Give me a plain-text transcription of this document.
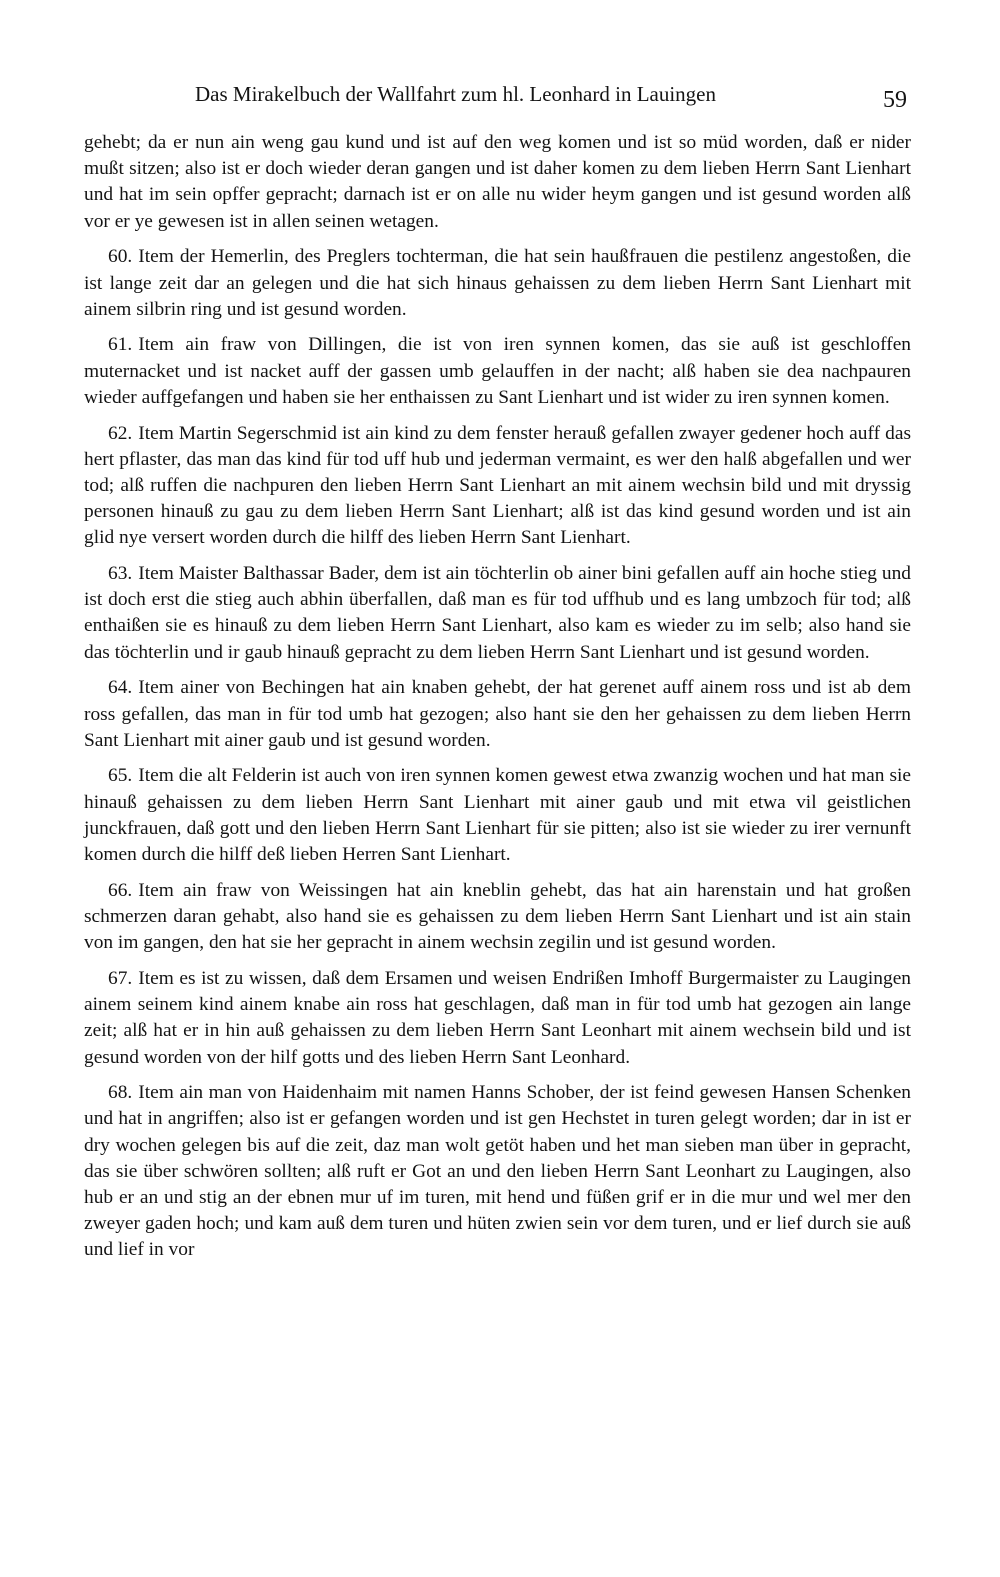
Das Mirakelbuch der Wallfahrt zum hl. Leonhard in Lauingen	59

gehebt; da er nun ain weng gau kund und ist auf den weg komen und ist so müd worden, daß er nider mußt sitzen; also ist er doch wieder deran gangen und ist daher komen zu dem lieben Herrn Sant Lienhart und hat im sein opffer gepracht; darnach ist er on alle nu wider heym gangen und ist gesund worden alß vor er ye gewesen ist in allen seinen wetagen.

60. Item der Hemerlin, des Preglers tochterman, die hat sein haußfrauen die pestilenz angestoßen, die ist lange zeit dar an gelegen und die hat sich hinaus gehaissen zu dem lieben Herrn Sant Lienhart mit ainem silbrin ring und ist gesund worden.

61. Item ain fraw von Dillingen, die ist von iren synnen komen, das sie auß ist geschloffen muternacket und ist nacket auff der gassen umb gelauffen in der nacht; alß haben sie dea nachpauren wieder auffgefangen und haben sie her enthaissen zu Sant Lienhart und ist wider zu iren synnen komen.

62. Item Martin Segerschmid ist ain kind zu dem fenster herauß gefallen zwayer gedener hoch auff das hert pflaster, das man das kind für tod uff hub und jederman vermaint, es wer den halß abgefallen und wer tod; alß ruffen die nachpuren den lieben Herrn Sant Lienhart an mit ainem wechsin bild und mit dryssig personen hinauß zu gau zu dem lieben Herrn Sant Lienhart; alß ist das kind gesund worden und ist ain glid nye versert worden durch die hilff des lieben Herrn Sant Lienhart.

63. Item Maister Balthassar Bader, dem ist ain töchterlin ob ainer bini gefallen auff ain hoche stieg und ist doch erst die stieg auch abhin überfallen, daß man es für tod uffhub und es lang umbzoch für tod; alß enthaißen sie es hinauß zu dem lieben Herrn Sant Lienhart, also kam es wieder zu im selb; also hand sie das töchterlin und ir gaub hinauß gepracht zu dem lieben Herrn Sant Lienhart und ist gesund worden.

64. Item ainer von Bechingen hat ain knaben gehebt, der hat gerenet auff ainem ross und ist ab dem ross gefallen, das man in für tod umb hat gezogen; also hant sie den her gehaissen zu dem lieben Herrn Sant Lienhart mit ainer gaub und ist gesund worden.

65. Item die alt Felderin ist auch von iren synnen komen gewest etwa zwanzig wochen und hat man sie hinauß gehaissen zu dem lieben Herrn Sant Lienhart mit ainer gaub und mit etwa vil geistlichen junckfrauen, daß gott und den lieben Herrn Sant Lienhart für sie pitten; also ist sie wieder zu irer vernunft komen durch die hilff deß lieben Herren Sant Lienhart.

66. Item ain fraw von Weissingen hat ain kneblin gehebt, das hat ain harenstain und hat großen schmerzen daran gehabt, also hand sie es gehaissen zu dem lieben Herrn Sant Lienhart und ist ain stain von im gangen, den hat sie her gepracht in ainem wechsin zegilin und ist gesund worden.

67. Item es ist zu wissen, daß dem Ersamen und weisen Endrißen Imhoff Burgermaister zu Laugingen ainem seinem kind ainem knabe ain ross hat geschlagen, daß man in für tod umb hat gezogen ain lange zeit; alß hat er in hin auß gehaissen zu dem lieben Herrn Sant Leonhart mit ainem wechsein bild und ist gesund worden von der hilf gotts und des lieben Herrn Sant Leonhard.

68. Item ain man von Haidenhaim mit namen Hanns Schober, der ist feind gewesen Hansen Schenken und hat in angriffen; also ist er gefangen worden und ist gen Hechstet in turen gelegt worden; dar in ist er dry wochen gelegen bis auf die zeit, daz man wolt getöt haben und het man sieben man über in gepracht, das sie über schwören sollten; alß ruft er Got an und den lieben Herrn Sant Leonhart zu Laugingen, also hub er an und stig an der ebnen mur uf im turen, mit hend und füßen grif er in die mur und wel mer den zweyer gaden hoch; und kam auß dem turen und hüten zwien sein vor dem turen, und er lief durch sie auß und lief in vor
